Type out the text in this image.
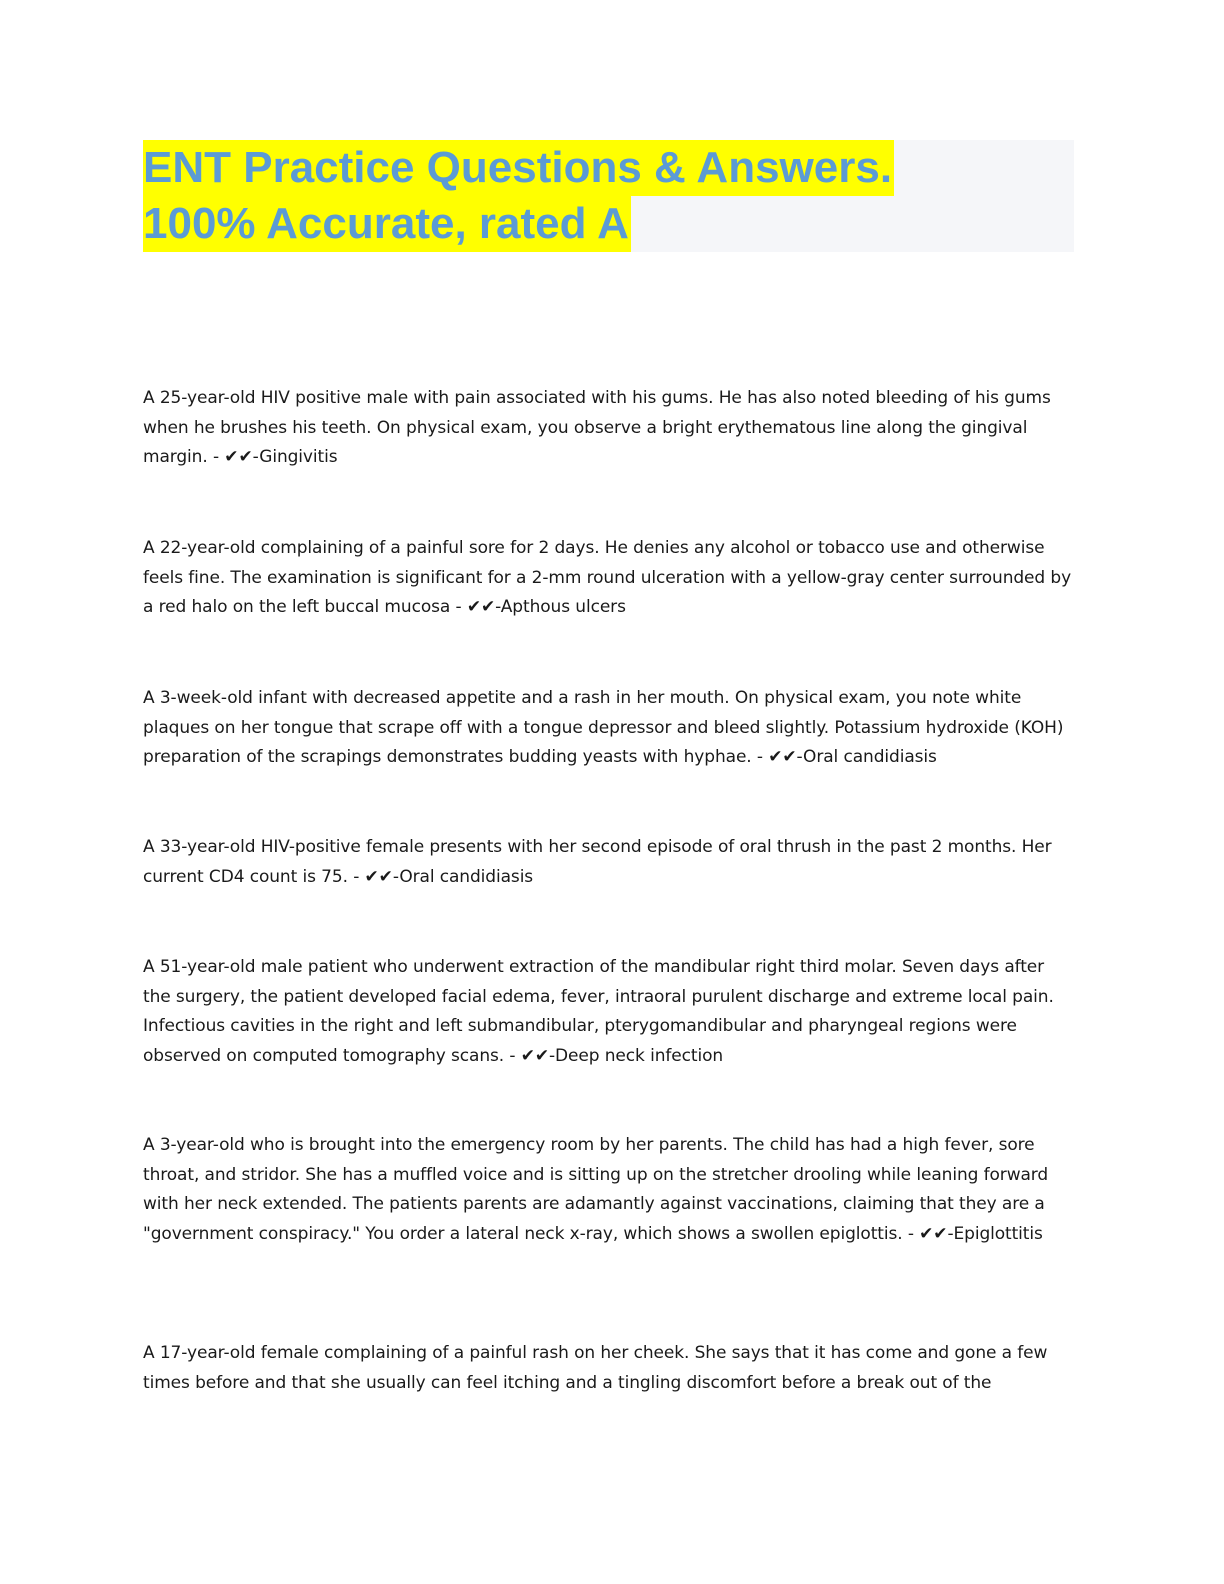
ENT Practice Questions & Answers.
100% Accurate, rated A

A 25-year-old HIV positive male with pain associated with his gums. He has also noted bleeding of his gums when he brushes his teeth. On physical exam, you observe a bright erythematous line along the gingival margin. - ✔✔-Gingivitis

A 22-year-old complaining of a painful sore for 2 days. He denies any alcohol or tobacco use and otherwise feels fine. The examination is significant for a 2-mm round ulceration with a yellow-gray center surrounded by a red halo on the left buccal mucosa - ✔✔-Apthous ulcers

A 3-week-old infant with decreased appetite and a rash in her mouth. On physical exam, you note white plaques on her tongue that scrape off with a tongue depressor and bleed slightly. Potassium hydroxide (KOH) preparation of the scrapings demonstrates budding yeasts with hyphae. - ✔✔-Oral candidiasis

A 33-year-old HIV-positive female presents with her second episode of oral thrush in the past 2 months. Her current CD4 count is 75. - ✔✔-Oral candidiasis

A 51-year-old male patient who underwent extraction of the mandibular right third molar. Seven days after the surgery, the patient developed facial edema, fever, intraoral purulent discharge and extreme local pain. Infectious cavities in the right and left submandibular, pterygomandibular and pharyngeal regions were observed on computed tomography scans. - ✔✔-Deep neck infection

A 3-year-old who is brought into the emergency room by her parents. The child has had a high fever, sore throat, and stridor. She has a muffled voice and is sitting up on the stretcher drooling while leaning forward with her neck extended. The patients parents are adamantly against vaccinations, claiming that they are a "government conspiracy." You order a lateral neck x-ray, which shows a swollen epiglottis. - ✔✔-Epiglottitis

A 17-year-old female complaining of a painful rash on her cheek. She says that it has come and gone a few times before and that she usually can feel itching and a tingling discomfort before a break out of the
